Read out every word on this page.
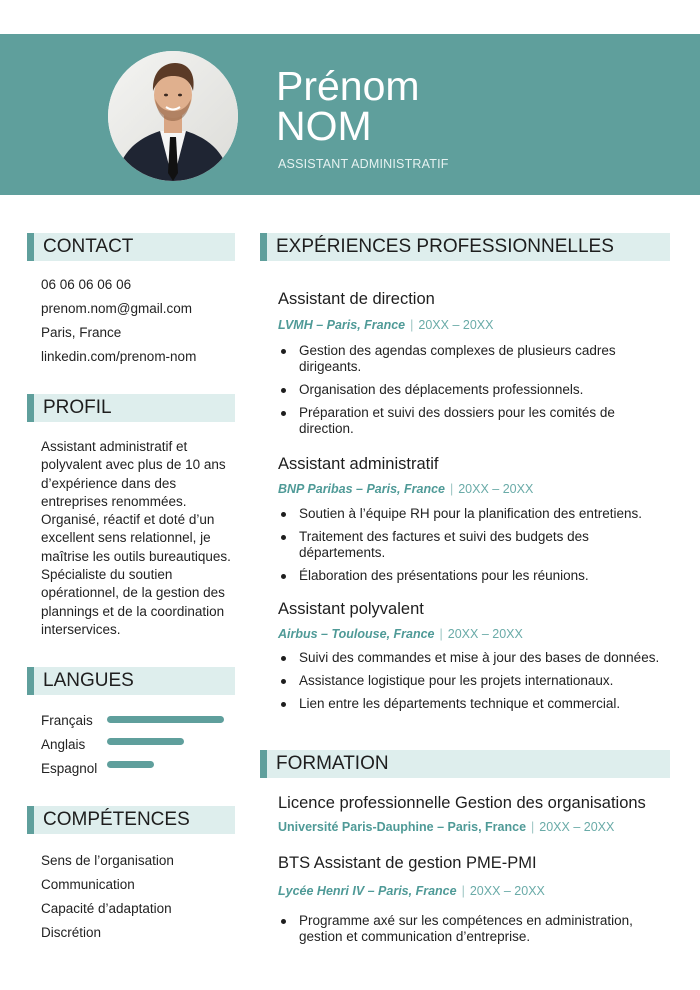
Prénom
NOM
ASSISTANT ADMINISTRATIF
CONTACT
06 06 06 06 06
prenom.nom@gmail.com
Paris, France
linkedin.com/prenom-nom
PROFIL
Assistant administratif et polyvalent avec plus de 10 ans d’expérience dans des entreprises renommées. Organisé, réactif et doté d’un excellent sens relationnel, je maîtrise les outils bureautiques. Spécialiste du soutien opérationnel, de la gestion des plannings et de la coordination interservices.
LANGUES
Français
Anglais
Espagnol
COMPÉTENCES
Sens de l’organisation
Communication
Capacité d’adaptation
Discrétion
EXPÉRIENCES PROFESSIONNELLES
Assistant de direction
LVMH – Paris, France | 20XX – 20XX
Gestion des agendas complexes de plusieurs cadres dirigeants.
Organisation des déplacements professionnels.
Préparation et suivi des dossiers pour les comités de direction.
Assistant administratif
BNP Paribas – Paris, France | 20XX – 20XX
Soutien à l’équipe RH pour la planification des entretiens.
Traitement des factures et suivi des budgets des départements.
Élaboration des présentations pour les réunions.
Assistant polyvalent
Airbus – Toulouse, France | 20XX – 20XX
Suivi des commandes et mise à jour des bases de données.
Assistance logistique pour les projets internationaux.
Lien entre les départements technique et commercial.
FORMATION
Licence professionnelle Gestion des organisations
Université Paris-Dauphine – Paris, France | 20XX – 20XX
BTS Assistant de gestion PME-PMI
Lycée Henri IV – Paris, France | 20XX – 20XX
Programme axé sur les compétences en administration, gestion et communication d’entreprise.
